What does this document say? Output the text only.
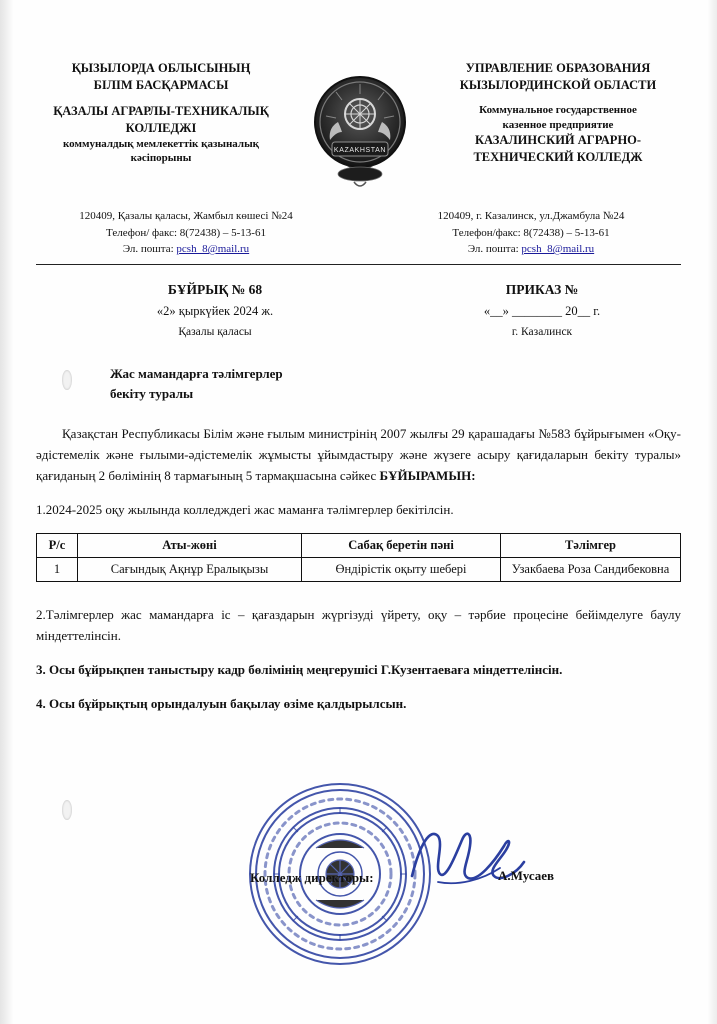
ҚЫЗЫЛОРДА ОБЛЫСЫНЫҢ
БІЛІМ БАСҚАРМАСЫ
ҚАЗАЛЫ АГРАРЛЫ-ТЕХНИКАЛЫҚ
КОЛЛЕДЖІ
коммуналдық мемлекеттік қазыналық
кәсіпорыны
KAZAKHSTAN
УПРАВЛЕНИЕ ОБРАЗОВАНИЯ
КЫЗЫЛОРДИНСКОЙ ОБЛАСТИ
Коммунальное государственное
казенное предприятие
КАЗАЛИНСКИЙ АГРАРНО-
ТЕХНИЧЕСКИЙ КОЛЛЕДЖ
120409, Қазалы қаласы, Жамбыл көшесі №24
Телефон/ факс: 8(72438) – 5-13-61
Эл. пошта: pcsh_8@mail.ru
120409, г. Казалинск, ул.Джамбула №24
Телефон/факс: 8(72438) – 5-13-61
Эл. пошта: pcsh_8@mail.ru
БҰЙРЫҚ № 68
«2» қыркүйек 2024 ж.
Қазалы қаласы
ПРИКАЗ №
«__» ________ 20__ г.
г. Казалинск
Жас мамандарға тәлімгерлер
бекіту туралы

Қазақстан Республикасы Білім және ғылым министрінің 2007 жылғы 29 қарашадағы №583 бұйрығымен «Оқу-әдістемелік және ғылыми-әдістемелік жұмысты ұйымдастыру және жүзеге асыру қағидаларын бекіту туралы» қағиданың 2 бөлімінің 8 тармағының 5 тармақшасына сәйкес БҰЙЫРАМЫН:

1.2024-2025 оқу жылында колледждегі жас маманға тәлімгерлер бекітілсін.

Р/с	Аты-жөні	Сабақ беретін пәні	Тәлімгер
1	Сағындық Ақнұр Ералықызы	Өндірістік оқыту шебері	Узакбаева Роза Сандибековна

2.Тәлімгерлер жас мамандарға іс – қағаздарын жүргізуді үйрету, оқу – тәрбие процесіне бейімделуге баулу міндеттелінсін.

3. Осы бұйрықпен таныстыру кадр бөлімінің меңгерушісі Г.Кузентаеваға міндеттелінсін.

4. Осы бұйрықтың орындалуын бақылау өзіме қалдырылсын.

Колледж директоры:	А.Мусаев
